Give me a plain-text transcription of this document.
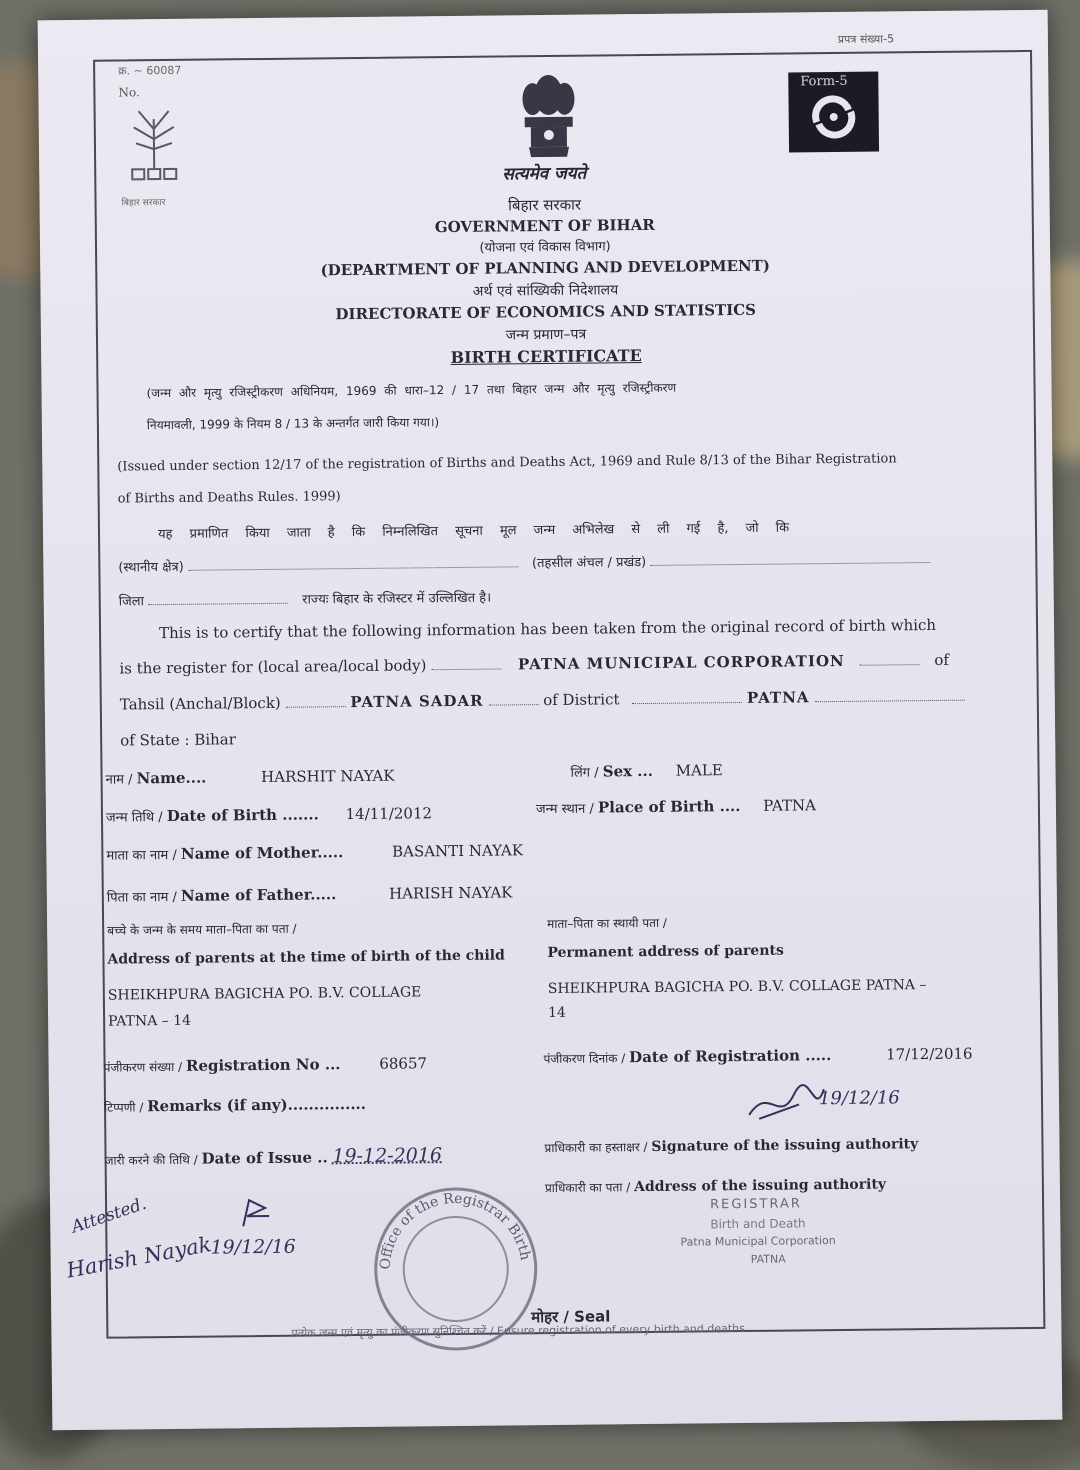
क्र. ~ 60087
No.
बिहार सरकार
सत्यमेव जयते
प्रपत्र संख्या-5
Form-5
बिहार सरकार
GOVERNMENT OF BIHAR
(योजना एवं विकास विभाग)
(DEPARTMENT OF PLANNING AND DEVELOPMENT)
अर्थ एवं सांख्यिकी निदेशालय
DIRECTORATE OF ECONOMICS AND STATISTICS
जन्म प्रमाण–पत्र
BIRTH CERTIFICATE
(जन्म और मृत्यु रजिस्ट्रीकरण अधिनियम, 1969 की धारा–12 / 17 तथा बिहार जन्म और मृत्यु रजिस्ट्रीकरण
नियमावली, 1999 के नियम 8 / 13 के अन्तर्गत जारी किया गया।)
(Issued under section 12/17 of the registration of Births and Deaths Act, 1969 and Rule 8/13 of the Bihar Registration
of Births and Deaths Rules. 1999)
यह प्रमाणित किया जाता है कि निम्नलिखित सूचना मूल जन्म अभिलेख से ली गई है, जो कि
(स्थानीय क्षेत्र)	(तहसील अंचल / प्रखंड)
जिला	राज्यः बिहार के रजिस्टर में उल्लिखित है।
This is to certify that the following information has been taken from the original record of birth which
is the register for (local area/local body)	PATNA MUNICIPAL CORPORATION	of
Tahsil (Anchal/Block)	PATNA SADAR	of District	PATNA
of State : Bihar
नाम / Name....	HARSHIT NAYAK	लिंग / Sex ... MALE
जन्म तिथि / Date of Birth ....... 14/11/2012	जन्म स्थान / Place of Birth .... PATNA
माता का नाम / Name of Mother.....	BASANTI NAYAK
पिता का नाम / Name of Father.....	HARISH NAYAK
बच्चे के जन्म के समय माता–पिता का पता /
Address of parents at the time of birth of the child
SHEIKHPURA BAGICHA PO. B.V. COLLAGE
PATNA – 14
माता–पिता का स्थायी पता /
Permanent address of parents
SHEIKHPURA BAGICHA PO. B.V. COLLAGE PATNA –
14
पंजीकरण संख्या / Registration No ...	68657	पंजीकरण दिनांक / Date of Registration .....	17/12/2016
टिप्पणी / Remarks (if any)...............	19/12/16
जारी करने की तिथि / Date of Issue .. 19-12-2016	प्राधिकारी का हस्ताक्षर / Signature of the issuing authority
प्राधिकारी का पता / Address of the issuing authority
REGISTRAR
Birth and Death
Patna Municipal Corporation
PATNA
Office of the Registrar Birth
मोहर / Seal
Attested.
Harish Nayak
19/12/16
प्रत्येक जन्म एवं मृत्यु का पंजीकरण सुनिश्चित करें / Ensure registration of every birth and deaths
